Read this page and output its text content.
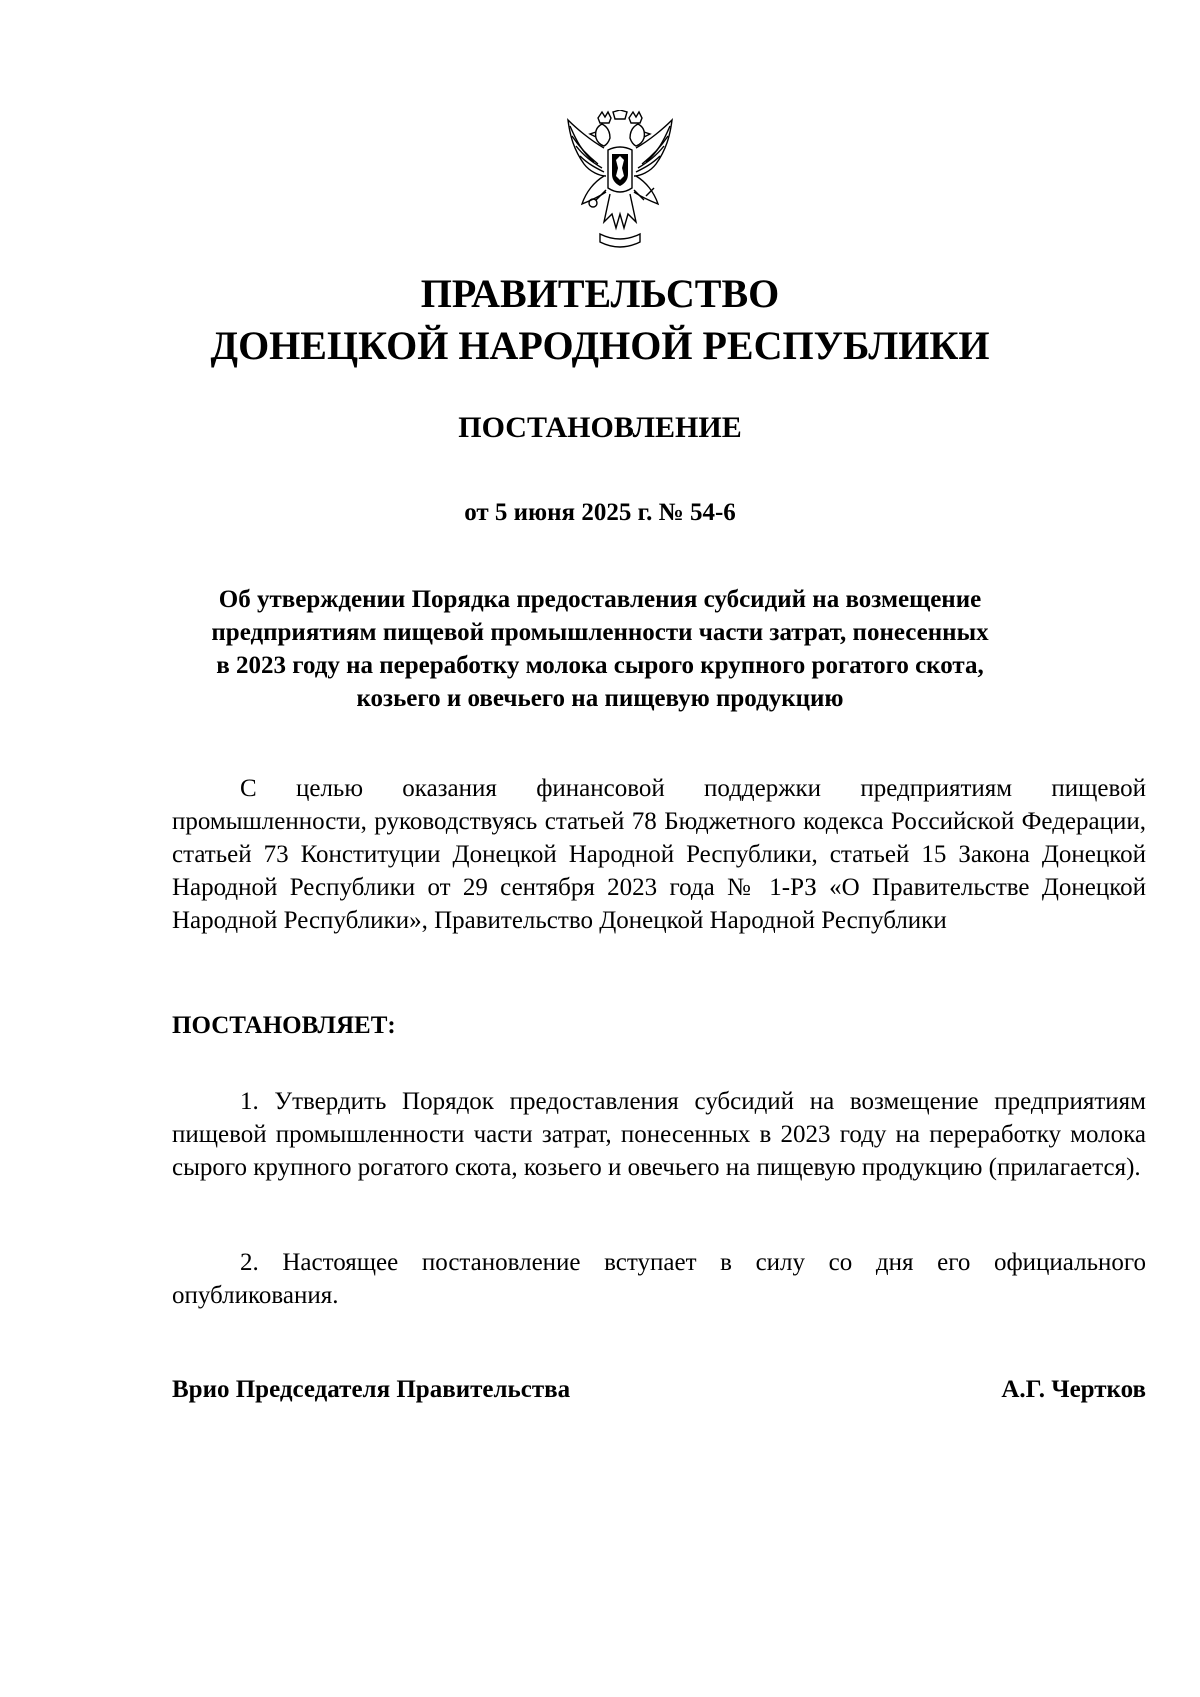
ПРАВИТЕЛЬСТВО
ДОНЕЦКОЙ НАРОДНОЙ РЕСПУБЛИКИ
ПОСТАНОВЛЕНИЕ
от 5 июня 2025 г. № 54-6
Об утверждении Порядка предоставления субсидий на возмещение
предприятиям пищевой промышленности части затрат, понесенных
в 2023 году на переработку молока сырого крупного рогатого скота,
козьего и овечьего на пищевую продукцию
С целью оказания финансовой поддержки предприятиям пищевой промышленности, руководствуясь статьей 78 Бюджетного кодекса Российской Федерации, статьей 73 Конституции Донецкой Народной Республики, статьей 15 Закона Донецкой Народной Республики от 29 сентября 2023 года № 1-РЗ «О Правительстве Донецкой Народной Республики», Правительство Донецкой Народной Республики
ПОСТАНОВЛЯЕТ:
1. Утвердить Порядок предоставления субсидий на возмещение предприятиям пищевой промышленности части затрат, понесенных в 2023 году на переработку молока сырого крупного рогатого скота, козьего и овечьего на пищевую продукцию (прилагается).
2. Настоящее постановление вступает в силу со дня его официального опубликования.
Врио Председателя Правительства	А.Г. Чертков
